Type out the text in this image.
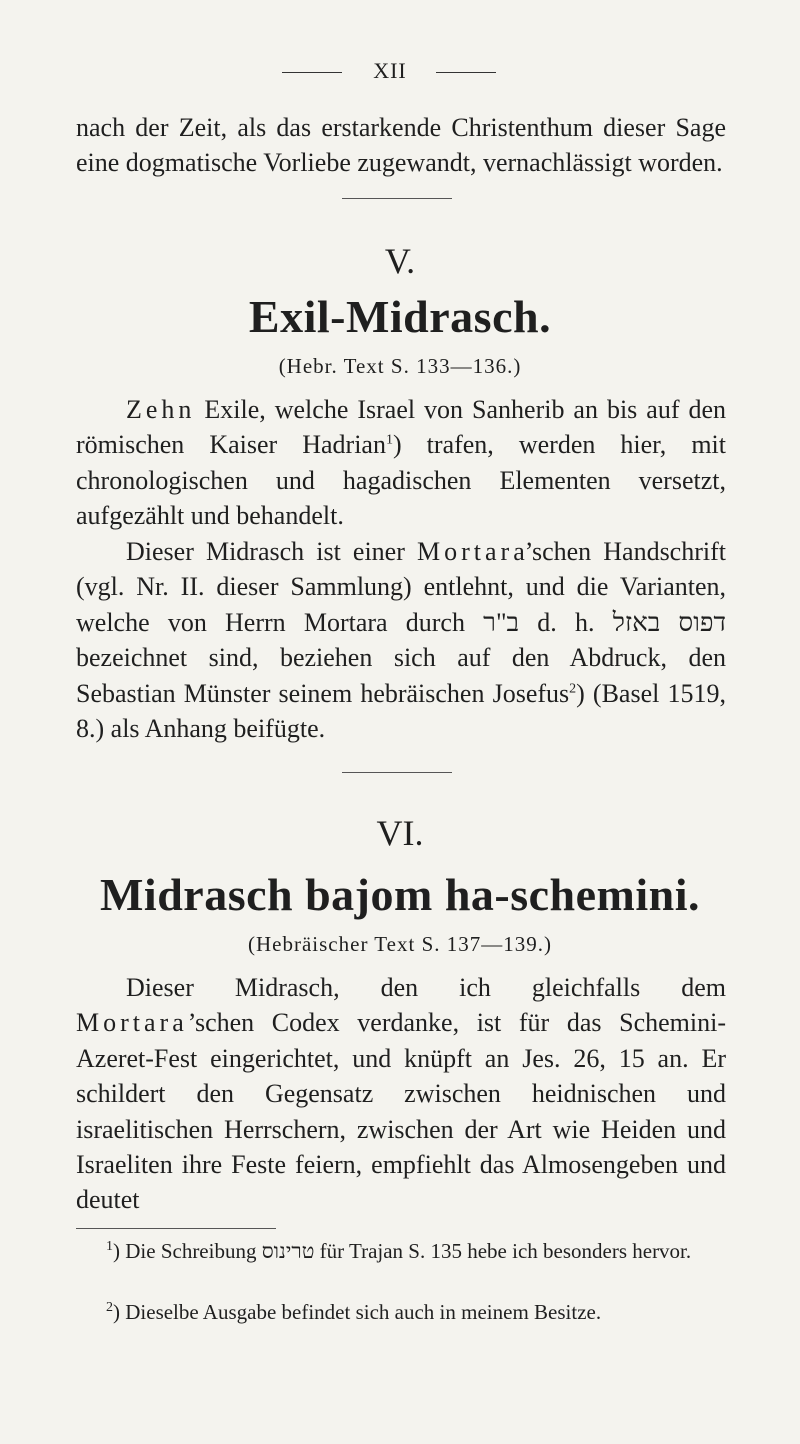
XII
nach der Zeit, als das erstarkende Christenthum dieser Sage eine dogmatische Vorliebe zugewandt, vernachlässigt worden.
V.
Exil-Midrasch.
(Hebr. Text S. 133—136.)
Zehn Exile, welche Israel von Sanherib an bis auf den römischen Kaiser Hadrian$^1$) trafen, werden hier, mit chronologischen und hagadischen Elementen versetzt, aufgezählt und behandelt.
Dieser Midrasch ist einer Mortara’schen Handschrift (vgl. Nr. II. dieser Sammlung) entlehnt, und die Varianten, welche von Herrn Mortara durch ב"ר d. h. דפוס באזל bezeichnet sind, beziehen sich auf den Abdruck, den Sebastian Münster seinem hebräischen Josefus$^2$) (Basel 1519, 8.) als Anhang beifügte.
VI.
Midrasch bajom ha-schemini.
(Hebräischer Text S. 137—139.)
Dieser Midrasch, den ich gleichfalls dem Mortara’schen Codex verdanke, ist für das Schemini-Azeret-Fest eingerichtet, und knüpft an Jes. 26, 15 an. Er schildert den Gegensatz zwischen heidnischen und israelitischen Herrschern, zwischen der Art wie Heiden und Israeliten ihre Feste feiern, empfiehlt das Almosengeben und deutet
$^1$) Die Schreibung טרינוס für Trajan S. 135 hebe ich besonders hervor.
$^2$) Dieselbe Ausgabe befindet sich auch in meinem Besitze.
